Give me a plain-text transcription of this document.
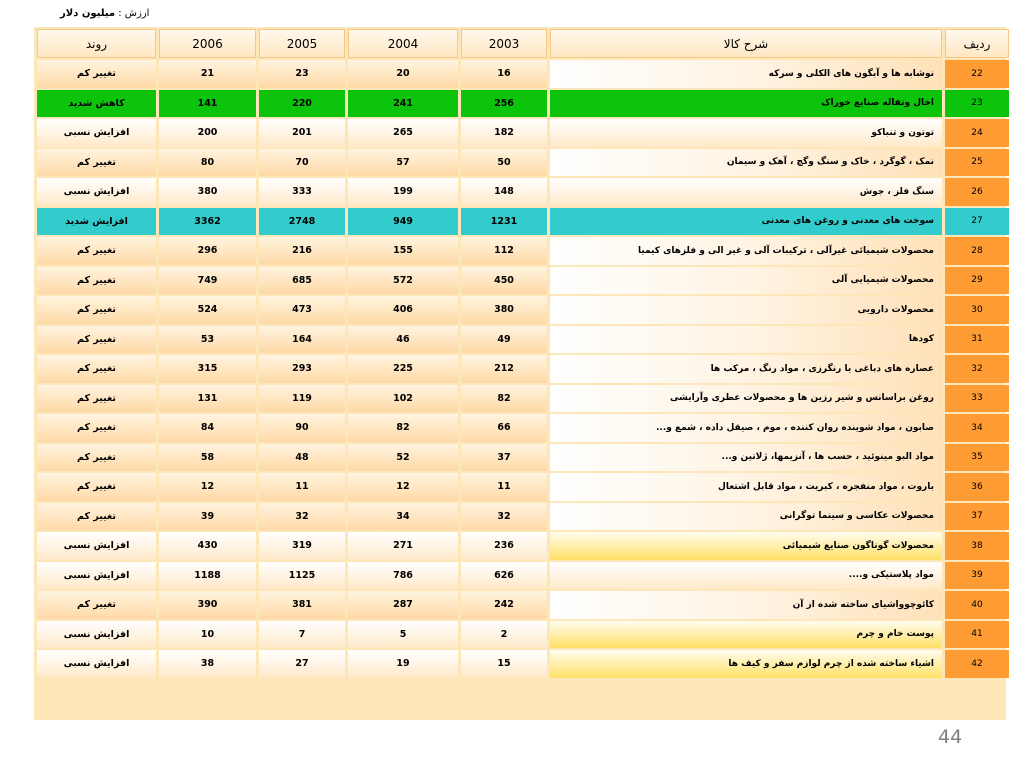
ارزش : میلیون دلار
ردیف	شرح کالا	2003	2004	2005	2006	روند
22	نوشابه ها و آبگون های الکلی و سرکه	16	20	23	21	تغییر کم
23	اخال وتفاله صنایع خوراک	256	241	220	141	کاهش شدید
24	توتون و تنباکو	182	265	201	200	افزایش نسبی
25	نمک ، گوگرد ، خاک و سنگ وگچ ، آهک و سیمان	50	57	70	80	تغییر کم
26	سنگ فلز ، جوش	148	199	333	380	افزایش نسبی
27	سوخت های معدنی و روغن های معدنی	1231	949	2748	3362	افزایش شدید
28	محصولات شیمیائی غیرآلی ، ترکیبات آلی و غیر الی و فلزهای کیمیا	112	155	216	296	تغییر کم
29	محصولات شیمیایی آلی	450	572	685	749	تغییر کم
30	محصولات دارویی	380	406	473	524	تغییر کم
31	کودها	49	46	164	53	تغییر کم
32	عصاره های دباغی یا رنگرزی ، مواد رنگ ، مرکب ها	212	225	293	315	تغییر کم
33	روغن براسانس و شیر رزین ها و محصولات عطری وآرایشی	82	102	119	131	تغییر کم
34	صابون ، مواد شوینده روان کننده ، موم ، صیقل داده ، شمع و...	66	82	90	84	تغییر کم
35	مواد البو مینوئید ، حسب ها ، آنزیمها، ژلاتین و...	37	52	48	58	تغییر کم
36	باروت ، مواد منفجره ، کبریت ، مواد قابل اشتعال	11	12	11	12	تغییر کم
37	محصولات عکاسی و سینما توگرانی	32	34	32	39	تغییر کم
38	محصولات گوناگون صنایع شیمیائی	236	271	319	430	افزایش نسبی
39	مواد پلاستیکی و....	626	786	1125	1188	افزایش نسبی
40	کائوچوواشیای ساخته شده از آن	242	287	381	390	تغییر کم
41	پوست خام و چرم	2	5	7	10	افزایش نسبی
42	اشیاء ساخته شده از چرم لوازم سفر و کیف ها	15	19	27	38	افزایش نسبی
44
